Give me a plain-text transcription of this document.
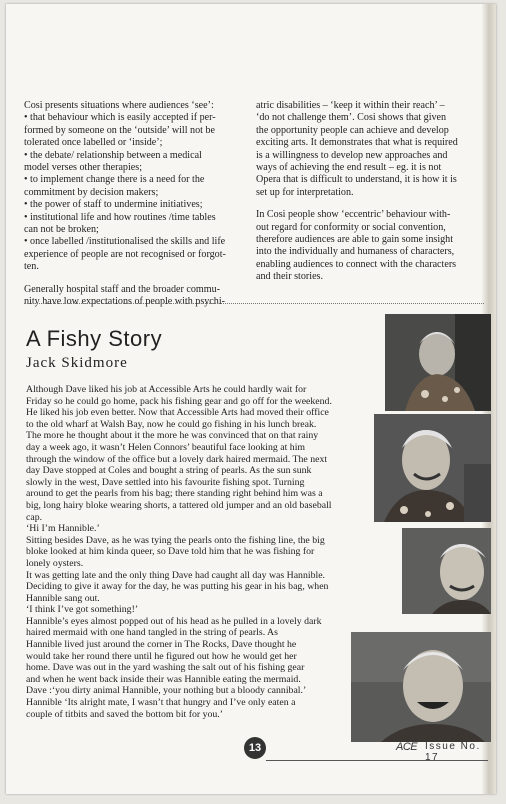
Cosi presents situations where audiences ‘see’:
• that behaviour which is easily accepted if per-
formed by someone on the ‘outside’ will not be
tolerated once labelled or ‘inside’;
• the debate/ relationship between a medical
model verses other therapies;
• to implement change there is a need for the
commitment by decision makers;
• the power of staff to undermine initiatives;
• institutional life and how routines /time tables
can not be broken;
• once labelled /institutionalised the skills and life
experience of people are not recognised or forgot-
ten.
Generally hospital staff and the broader commu-
nity have low expectations of people with psychi-
atric disabilities – ‘keep it within their reach’ –
‘do not challenge them’. Cosi shows that given
the opportunity people can achieve and develop
exciting arts. It demonstrates that what is required
is a willingness to develop new approaches and
ways of achieving the end result – eg. it is not
Opera that is difficult to understand, it is how it is
set up for interpretation.
In Cosi people show ‘eccentric’ behaviour with-
out regard for conformity or social convention,
therefore audiences are able to gain some insight
into the individually and humaness of characters,
enabling audiences to connect with the characters
and their stories.
A Fishy Story
Jack Skidmore
Although Dave liked his job at Accessible Arts he could hardly wait for
Friday so he could go home, pack his fishing gear and go off for the weekend.
He liked his job even better. Now that Accessible Arts had moved their office
to the old wharf at Walsh Bay, now he could go fishing in his lunch break.
The more he thought about it the more he was convinced that on that rainy
day a week ago, it wasn’t Helen Connors’ beautiful face looking at him
through the window of the office but a lovely dark haired mermaid. The next
day Dave stopped at Coles and bought a string of pearls. As the sun sunk
slowly in the west, Dave settled into his favourite fishing spot. Turning
around to get the pearls from his bag; there standing right behind him was a
big, long hairy bloke wearing shorts, a tattered old jumper and an old baseball
cap.
‘Hi I’m Hannible.’
Sitting besides Dave, as he was tying the pearls onto the fishing line, the big
bloke looked at him kinda queer, so Dave told him that he was fishing for
lonely oysters.
It was getting late and the only thing Dave had caught all day was Hannible.
Deciding to give it away for the day, he was putting his gear in his bag, when
Hannible sang out.
‘I think I’ve got something!’
Hannible’s eyes almost popped out of his head as he pulled in a lovely dark
haired mermaid with one hand tangled in the string of pearls. As
Hannible lived just around the corner in The Rocks, Dave thought he
would take her round there until he figured out how he would get her
home. Dave was out in the yard washing the salt out of his fishing gear
and when he went back inside their was Hannible eating the mermaid.
Dave :‘you dirty animal Hannible, your nothing but a bloody cannibal.’
Hannible ‘Its alright mate, I wasn’t that hungry and I’ve only eaten a
couple of titbits and saved the bottom bit for you.’
13	ACE Issue No. 17
